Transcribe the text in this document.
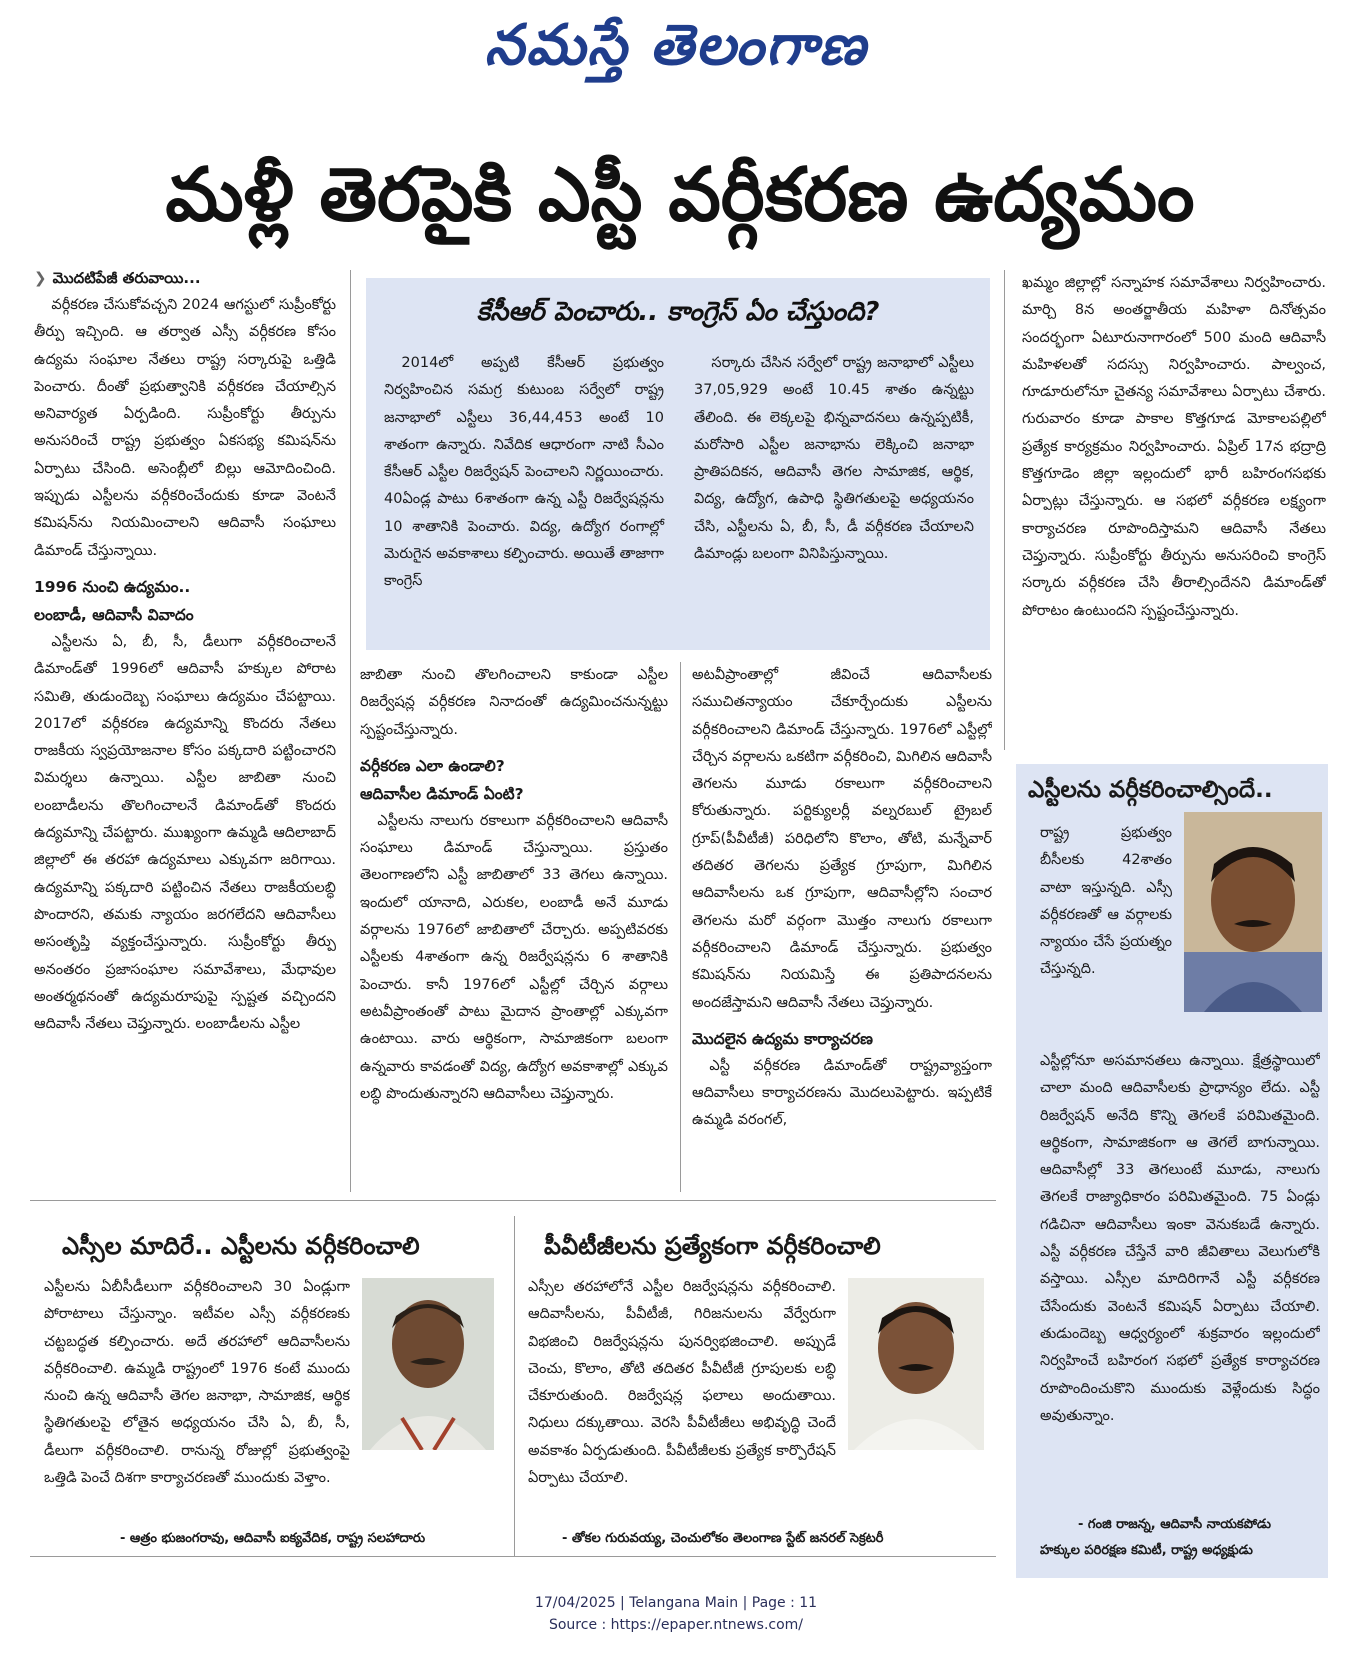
నమస్తే తెలంగాణ
మళ్లీ తెరపైకి ఎస్టీ వర్గీకరణ ఉద్యమం
❯ మొదటిపేజీ తరువాయి...

వర్గీకరణ చేసుకోవచ్చని 2024 ఆగస్టులో సుప్రీంకోర్టు తీర్పు ఇచ్చింది. ఆ తర్వాత ఎస్సీ వర్గీకరణ కోసం ఉద్యమ సంఘాల నేతలు రాష్ట్ర సర్కారుపై ఒత్తిడి పెంచారు. దీంతో ప్రభుత్వానికి వర్గీకరణ చేయాల్సిన అనివార్యత ఏర్పడింది. సుప్రీంకోర్టు తీర్పును అనుసరించే రాష్ట్ర ప్రభుత్వం ఏకసభ్య కమిషన్‌ను ఏర్పాటు చేసింది. అసెంబ్లీలో బిల్లు ఆమోదించింది. ఇప్పుడు ఎస్టీలను వర్గీకరించేందుకు కూడా వెంటనే కమిషన్‌ను నియమించాలని ఆదివాసీ సంఘాలు డిమాండ్ చేస్తున్నాయి.

1996 నుంచి ఉద్యమం..
లంబాడీ, ఆదివాసీ వివాదం

ఎస్టీలను ఏ, బీ, సీ, డీలుగా వర్గీకరించాలనే డిమాండ్‌తో 1996లో ఆదివాసీ హక్కుల పోరాట సమితి, తుడుందెబ్బ సంఘాలు ఉద్యమం చేపట్టాయి. 2017లో వర్గీకరణ ఉద్యమాన్ని కొందరు నేతలు రాజకీయ స్వప్రయోజనాల కోసం పక్కదారి పట్టించారని విమర్శలు ఉన్నాయి. ఎస్టీల జాబితా నుంచి లంబాడీలను తొలగించాలనే డిమాండ్‌తో కొందరు ఉద్యమాన్ని చేపట్టారు. ముఖ్యంగా ఉమ్మడి ఆదిలాబాద్ జిల్లాలో ఈ తరహా ఉద్యమాలు ఎక్కువగా జరిగాయి. ఉద్యమాన్ని పక్కదారి పట్టించిన నేతలు రాజకీయలబ్ధి పొందారని, తమకు న్యాయం జరగలేదని ఆదివాసీలు అసంతృప్తి వ్యక్తంచేస్తున్నారు. సుప్రీంకోర్టు తీర్పు అనంతరం ప్రజాసంఘాల సమావేశాలు, మేధావుల అంతర్మథనంతో ఉద్యమరూపుపై స్పష్టత వచ్చిందని ఆదివాసీ నేతలు చెప్తున్నారు. లంబాడీలను ఎస్టీల

కేసీఆర్ పెంచారు.. కాంగ్రెస్ ఏం చేస్తుంది?

2014లో అప్పటి కేసీఆర్ ప్రభుత్వం నిర్వహించిన సమగ్ర కుటుంబ సర్వేలో రాష్ట్ర జనాభాలో ఎస్టీలు 36,44,453 అంటే 10 శాతంగా ఉన్నారు. నివేదిక ఆధారంగా నాటి సీఎం కేసీఆర్ ఎస్టీల రిజర్వేషన్ పెంచాలని నిర్ణయించారు. 40ఏండ్ల పాటు 6శాతంగా ఉన్న ఎస్టీ రిజర్వేషన్లను 10 శాతానికి పెంచారు. విద్య, ఉద్యోగ రంగాల్లో మెరుగైన అవకాశాలు కల్పించారు. అయితే తాజాగా కాంగ్రెస్

సర్కారు చేసిన సర్వేలో రాష్ట్ర జనాభాలో ఎస్టీలు 37,05,929 అంటే 10.45 శాతం ఉన్నట్టు తేలింది. ఈ లెక్కలపై భిన్నవాదనలు ఉన్నప్పటికీ, మరోసారి ఎస్టీల జనాభాను లెక్కించి జనాభా ప్రాతిపదికన, ఆదివాసీ తెగల సామాజిక, ఆర్థిక, విద్య, ఉద్యోగ, ఉపాధి స్థితిగతులపై అధ్యయనం చేసి, ఎస్టీలను ఏ, బీ, సీ, డీ వర్గీకరణ చేయాలని డిమాండ్లు బలంగా వినిపిస్తున్నాయి.

జాబితా నుంచి తొలగించాలని కాకుండా ఎస్టీల రిజర్వేషన్ల వర్గీకరణ నినాదంతో ఉద్యమించనున్నట్టు స్పష్టంచేస్తున్నారు.

వర్గీకరణ ఎలా ఉండాలి?
ఆదివాసీల డిమాండ్ ఏంటి?

ఎస్టీలను నాలుగు రకాలుగా వర్గీకరించాలని ఆదివాసీ సంఘాలు డిమాండ్ చేస్తున్నాయి. ప్రస్తుతం తెలంగాణలోని ఎస్టీ జాబితాలో 33 తెగలు ఉన్నాయి. ఇందులో యానాది, ఎరుకల, లంబాడీ అనే మూడు వర్గాలను 1976లో జాబితాలో చేర్చారు. అప్పటివరకు ఎస్టీలకు 4శాతంగా ఉన్న రిజర్వేషన్లను 6 శాతానికి పెంచారు. కానీ 1976లో ఎస్టీల్లో చేర్చిన వర్గాలు అటవీప్రాంతంతో పాటు మైదాన ప్రాంతాల్లో ఎక్కువగా ఉంటాయి. వారు ఆర్థికంగా, సామాజికంగా బలంగా ఉన్నవారు కావడంతో విద్య, ఉద్యోగ అవకాశాల్లో ఎక్కువ లబ్ధి పొందుతున్నారని ఆదివాసీలు చెప్తున్నారు.

అటవీప్రాంతాల్లో జీవించే ఆదివాసీలకు సముచితన్యాయం చేకూర్చేందుకు ఎస్టీలను వర్గీకరించాలని డిమాండ్ చేస్తున్నారు. 1976లో ఎస్టీల్లో చేర్చిన వర్గాలను ఒకటిగా వర్గీకరించి, మిగిలిన ఆదివాసీ తెగలను మూడు రకాలుగా వర్గీకరించాలని కోరుతున్నారు. పర్టిక్యులర్లీ వల్నరబుల్ ట్రైబల్ గ్రూప్(పీవీటీజీ) పరిధిలోని కొలాం, తోటి, మన్నేవార్ తదితర తెగలను ప్రత్యేక గ్రూపుగా, మిగిలిన ఆదివాసీలను ఒక గ్రూపుగా, ఆదివాసీల్లోని సంచార తెగలను మరో వర్గంగా మొత్తం నాలుగు రకాలుగా వర్గీకరించాలని డిమాండ్ చేస్తున్నారు. ప్రభుత్వం కమిషన్‌ను నియమిస్తే ఈ ప్రతిపాదనలను అందజేస్తామని ఆదివాసీ నేతలు చెప్తున్నారు.

మొదలైన ఉద్యమ కార్యాచరణ

ఎస్టీ వర్గీకరణ డిమాండ్‌తో రాష్ట్రవ్యాప్తంగా ఆదివాసీలు కార్యాచరణను మొదలుపెట్టారు. ఇప్పటికే ఉమ్మడి వరంగల్,

ఖమ్మం జిల్లాల్లో సన్నాహక సమావేశాలు నిర్వహించారు. మార్చి 8న అంతర్జాతీయ మహిళా దినోత్సవం సందర్భంగా ఏటూరునాగారంలో 500 మంది ఆదివాసీ మహిళలతో సదస్సు నిర్వహించారు. పాల్వంచ, గూడూరులోనూ చైతన్య సమావేశాలు ఏర్పాటు చేశారు. గురువారం కూడా పాకాల కొత్తగూడ మోకాలపల్లిలో ప్రత్యేక కార్యక్రమం నిర్వహించారు. ఏప్రిల్ 17న భద్రాద్రి కొత్తగూడెం జిల్లా ఇల్లందులో భారీ బహిరంగసభకు ఏర్పాట్లు చేస్తున్నారు. ఆ సభలో వర్గీకరణ లక్ష్యంగా కార్యాచరణ రూపొందిస్తామని ఆదివాసీ నేతలు చెప్తున్నారు. సుప్రీంకోర్టు తీర్పును అనుసరించి కాంగ్రెస్ సర్కారు వర్గీకరణ చేసి తీరాల్సిందేనని డిమాండ్‌తో పోరాటం ఉంటుందని స్పష్టంచేస్తున్నారు.

ఎస్టీలను వర్గీకరించాల్సిందే..
రాష్ట్ర ప్రభుత్వం బీసీలకు 42శాతం వాటా ఇస్తున్నది. ఎస్సీ వర్గీకరణతో ఆ వర్గాలకు న్యాయం చేసే ప్రయత్నం చేస్తున్నది.
ఎస్టీల్లోనూ అసమానతలు ఉన్నాయి. క్షేత్రస్థాయిలో చాలా మంది ఆదివాసీలకు ప్రాధాన్యం లేదు. ఎస్టీ రిజర్వేషన్ అనేది కొన్ని తెగలకే పరిమితమైంది. ఆర్థికంగా, సామాజికంగా ఆ తెగలే బాగున్నాయి. ఆదివాసీల్లో 33 తెగలుంటే మూడు, నాలుగు తెగలకే రాజ్యాధికారం పరిమితమైంది. 75 ఏండ్లు గడిచినా ఆదివాసీలు ఇంకా వెనుకబడే ఉన్నారు. ఎస్టీ వర్గీకరణ చేస్తేనే వారి జీవితాలు వెలుగులోకి వస్తాయి. ఎస్సీల మాదిరిగానే ఎస్టీ వర్గీకరణ చేసేందుకు వెంటనే కమిషన్ ఏర్పాటు చేయాలి. తుడుందెబ్బ ఆధ్వర్యంలో శుక్రవారం ఇల్లందులో నిర్వహించే బహిరంగ సభలో ప్రత్యేక కార్యాచరణ రూపొందించుకొని ముందుకు వెళ్లేందుకు సిద్ధం అవుతున్నాం.
- గంజి రాజన్న, ఆదివాసీ నాయకపోడు
హక్కుల పరిరక్షణ కమిటీ, రాష్ట్ర అధ్యక్షుడు
ఎస్సీల మాదిరే.. ఎస్టీలను వర్గీకరించాలి
ఎస్టీలను ఏబీసీడీలుగా వర్గీకరించాలని 30 ఏండ్లుగా పోరాటాలు చేస్తున్నాం. ఇటీవల ఎస్సీ వర్గీకరణకు చట్టబద్ధత కల్పించారు. అదే తరహాలో ఆదివాసీలను వర్గీకరించాలి. ఉమ్మడి రాష్ట్రంలో 1976 కంటే ముందు నుంచి ఉన్న ఆదివాసీ తెగల జనాభా, సామాజిక, ఆర్థిక స్థితిగతులపై లోతైన అధ్యయనం చేసి ఏ, బీ, సీ, డీలుగా వర్గీకరించాలి. రానున్న రోజుల్లో ప్రభుత్వంపై ఒత్తిడి పెంచే దిశగా కార్యాచరణతో ముందుకు వెళ్తాం.
- ఆత్రం భుజంగరావు, ఆదివాసీ ఐక్యవేదిక, రాష్ట్ర సలహాదారు
పీవీటీజీలను ప్రత్యేకంగా వర్గీకరించాలి
ఎస్సీల తరహాలోనే ఎస్టీల రిజర్వేషన్లను వర్గీకరించాలి. ఆదివాసీలను, పీవీటీజీ, గిరిజనులను వేర్వేరుగా విభజించి రిజర్వేషన్లను పునర్విభజించాలి. అప్పుడే చెంచు, కొలాం, తోటి తదితర పీవీటీజీ గ్రూపులకు లబ్ధి చేకూరుతుంది. రిజర్వేషన్ల ఫలాలు అందుతాయి. నిధులు దక్కుతాయి. వెరసి పీవీటీజీలు అభివృద్ధి చెందే అవకాశం ఏర్పడుతుంది. పీవీటీజీలకు ప్రత్యేక కార్పొరేషన్ ఏర్పాటు చేయాలి.
- తోకల గురువయ్య, చెంచులోకం తెలంగాణ స్టేట్ జనరల్ సెక్రటరీ
17/04/2025 | Telangana Main | Page : 11
Source : https://epaper.ntnews.com/
